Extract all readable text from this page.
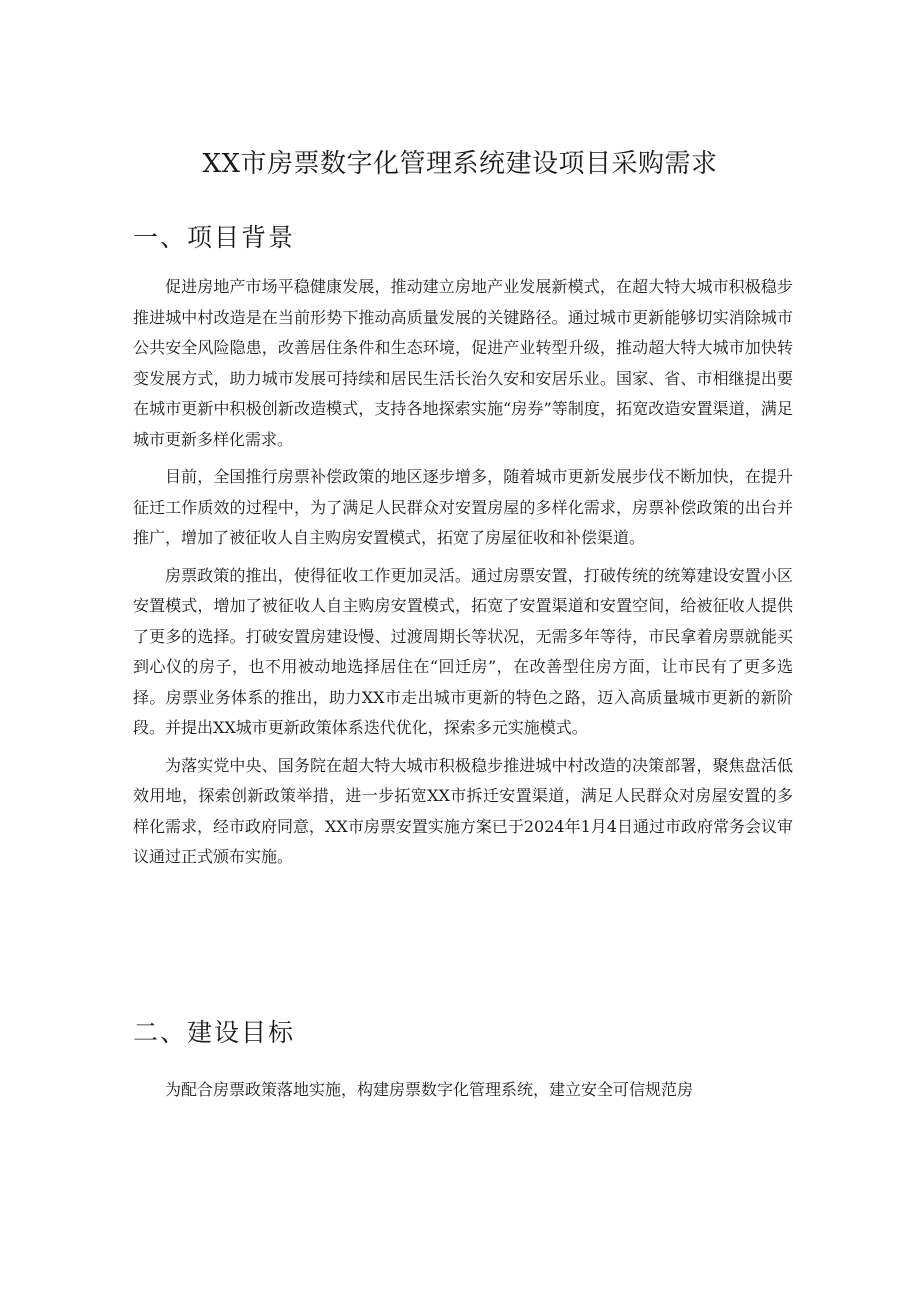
XX市房票数字化管理系统建设项目采购需求
一、项目背景

促进房地产市场平稳健康发展，推动建立房地产业发展新模式，在超大特大城市积极稳步推进城中村改造是在当前形势下推动高质量发展的关键路径。通过城市更新能够切实消除城市公共安全风险隐患，改善居住条件和生态环境，促进产业转型升级，推动超大特大城市加快转变发展方式，助力城市发展可持续和居民生活长治久安和安居乐业。国家、省、市相继提出要在城市更新中积极创新改造模式，支持各地探索实施“房券”等制度，拓宽改造安置渠道，满足城市更新多样化需求。

目前，全国推行房票补偿政策的地区逐步增多，随着城市更新发展步伐不断加快，在提升征迁工作质效的过程中，为了满足人民群众对安置房屋的多样化需求，房票补偿政策的出台并推广，增加了被征收人自主购房安置模式，拓宽了房屋征收和补偿渠道。

房票政策的推出，使得征收工作更加灵活。通过房票安置，打破传统的统筹建设安置小区安置模式，增加了被征收人自主购房安置模式，拓宽了安置渠道和安置空间，给被征收人提供了更多的选择。打破安置房建设慢、过渡周期长等状况，无需多年等待，市民拿着房票就能买到心仪的房子，也不用被动地选择居住在“回迁房”，在改善型住房方面，让市民有了更多选择。房票业务体系的推出，助力XX市走出城市更新的特色之路，迈入高质量城市更新的新阶段。并提出XX城市更新政策体系迭代优化，探索多元实施模式。

为落实党中央、国务院在超大特大城市积极稳步推进城中村改造的决策部署，聚焦盘活低效用地，探索创新政策举措，进一步拓宽XX市拆迁安置渠道，满足人民群众对房屋安置的多样化需求，经市政府同意，XX市房票安置实施方案已于2024年1月4日通过市政府常务会议审议通过正式颁布实施。

二、建设目标

为配合房票政策落地实施，构建房票数字化管理系统，建立安全可信规范房
